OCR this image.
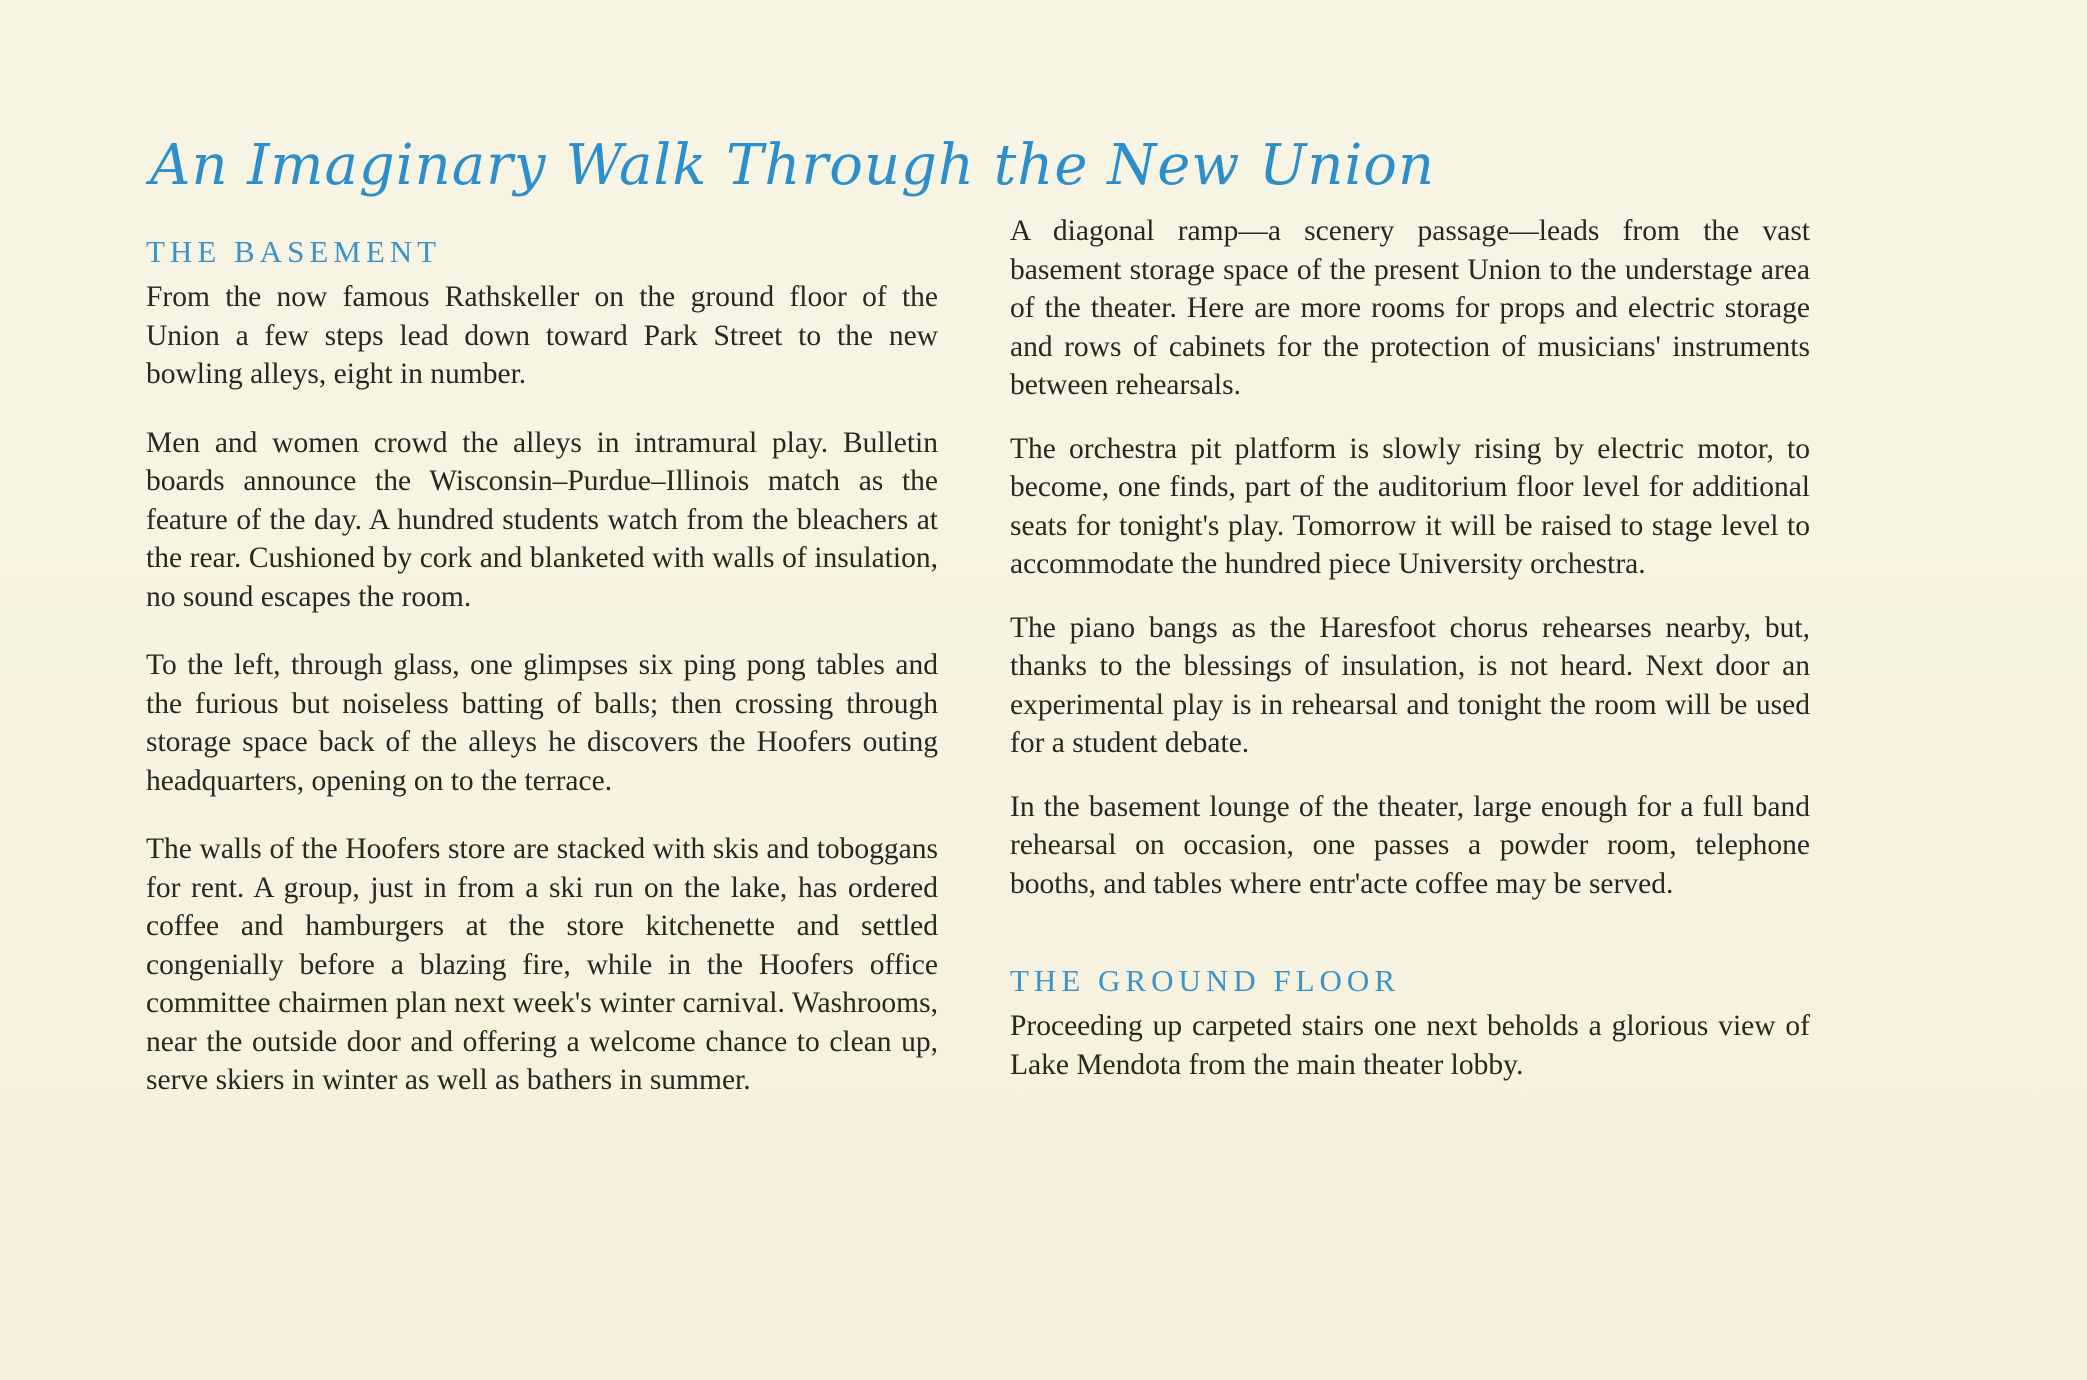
An Imaginary Walk Through the New Union
THE BASEMENT

From the now famous Rathskeller on the ground floor of the Union a few steps lead down toward Park Street to the new bowling alleys, eight in number.

Men and women crowd the alleys in intramural play. Bulletin boards announce the Wisconsin–Purdue–Illinois match as the feature of the day. A hundred students watch from the bleachers at the rear. Cushioned by cork and blanketed with walls of insulation, no sound escapes the room.

To the left, through glass, one glimpses six ping pong tables and the furious but noiseless batting of balls; then crossing through storage space back of the alleys he discovers the Hoofers outing headquarters, opening on to the terrace.

The walls of the Hoofers store are stacked with skis and toboggans for rent. A group, just in from a ski run on the lake, has ordered coffee and hamburgers at the store kitchenette and settled congenially before a blazing fire, while in the Hoofers office committee chairmen plan next week's winter carnival. Washrooms, near the outside door and offering a welcome chance to clean up, serve skiers in winter as well as bathers in summer.

A diagonal ramp—a scenery passage—leads from the vast basement storage space of the present Union to the understage area of the theater. Here are more rooms for props and electric storage and rows of cabinets for the protection of musicians' instruments between rehearsals.

The orchestra pit platform is slowly rising by electric motor, to become, one finds, part of the auditorium floor level for additional seats for tonight's play. Tomorrow it will be raised to stage level to accommodate the hundred piece University orchestra.

The piano bangs as the Haresfoot chorus rehearses nearby, but, thanks to the blessings of insulation, is not heard. Next door an experimental play is in rehearsal and tonight the room will be used for a student debate.

In the basement lounge of the theater, large enough for a full band rehearsal on occasion, one passes a powder room, telephone booths, and tables where entr'acte coffee may be served.

THE GROUND FLOOR

Proceeding up carpeted stairs one next beholds a glorious view of Lake Mendota from the main theater lobby.
